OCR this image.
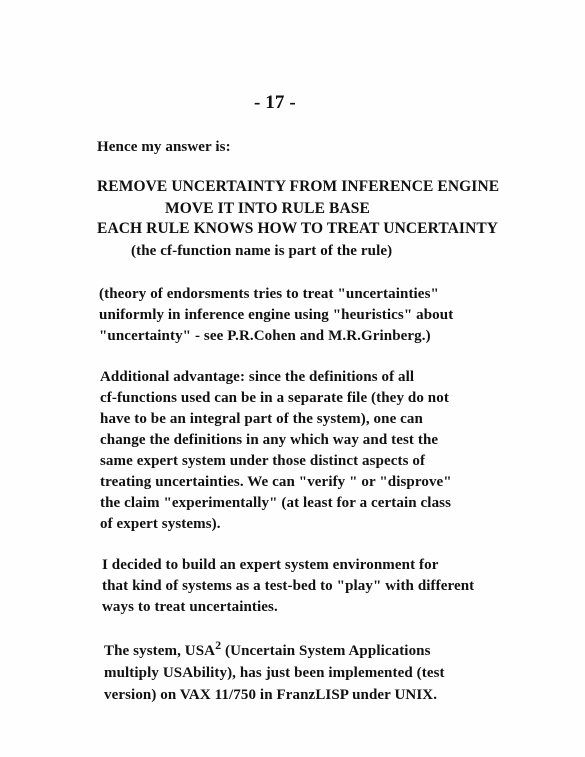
- 17 -
Hence my answer is:
REMOVE UNCERTAINTY FROM INFERENCE ENGINE
MOVE IT INTO RULE BASE
EACH RULE KNOWS HOW TO TREAT UNCERTAINTY
(the cf-function name is part of the rule)
(theory of endorsments tries to treat "uncertainties"
uniformly in inference engine using "heuristics" about
"uncertainty" - see P.R.Cohen and M.R.Grinberg.)
Additional advantage: since the definitions of all
cf-functions used can be in a separate file (they do not
have to be an integral part of the system), one can
change the definitions in any which way and test the
same expert system under those distinct aspects of
treating uncertainties. We can "verify " or "disprove"
the claim "experimentally" (at least for a certain class
of expert systems).
I decided to build an expert system environment for
that kind of systems as a test-bed to "play" with different
ways to treat uncertainties.
The system, USA$^2$ (Uncertain System Applications
multiply USAbility), has just been implemented (test
version) on VAX 11/750 in FranzLISP under UNIX.
